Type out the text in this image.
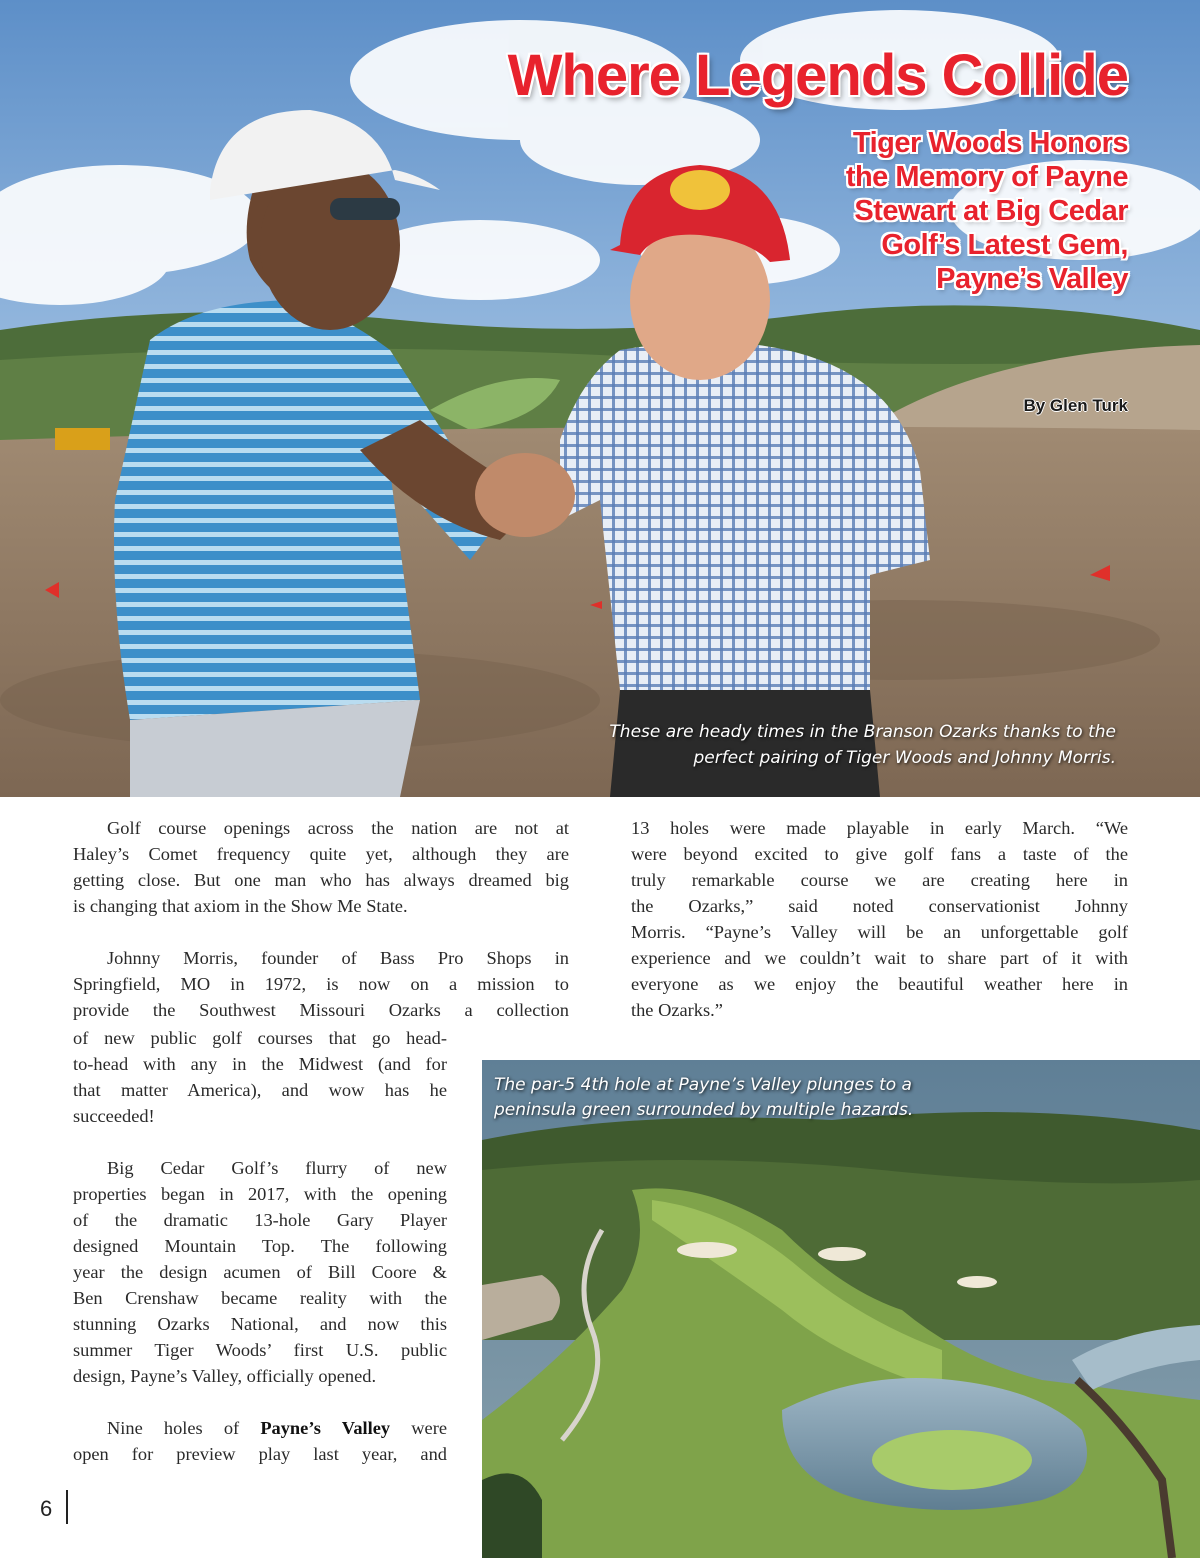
Where Legends Collide
Tiger Woods Honors
the Memory of Payne
Stewart at Big Cedar
Golf’s Latest Gem,
Payne’s Valley
By Glen Turk
These are heady times in the Branson Ozarks thanks to the
perfect pairing of Tiger Woods and Johnny Morris.

Golf course openings across the nation are not at
Haley’s Comet frequency quite yet, although they are
getting close. But one man who has always dreamed big
is changing that axiom in the Show Me State.

Johnny Morris, founder of Bass Pro Shops in
Springfield, MO in 1972, is now on a mission to
provide the Southwest Missouri Ozarks a collection

of new public golf courses that go head-
to-head with any in the Midwest (and for
that matter America), and wow has he
succeeded!

Big Cedar Golf’s flurry of new
properties began in 2017, with the opening
of the dramatic 13-hole Gary Player
designed Mountain Top. The following
year the design acumen of Bill Coore &
Ben Crenshaw became reality with the
stunning Ozarks National, and now this
summer Tiger Woods’ first U.S. public
design, Payne’s Valley, officially opened.

Nine holes of Payne’s Valley were
open for preview play last year, and

13 holes were made playable in early March. “We
were beyond excited to give golf fans a taste of the
truly remarkable course we are creating here in
the Ozarks,” said noted conservationist Johnny
Morris. “Payne’s Valley will be an unforgettable golf
experience and we couldn’t wait to share part of it with
everyone as we enjoy the beautiful weather here in
the Ozarks.”

The par-5 4th hole at Payne’s Valley plunges to a
peninsula green surrounded by multiple hazards.
6
